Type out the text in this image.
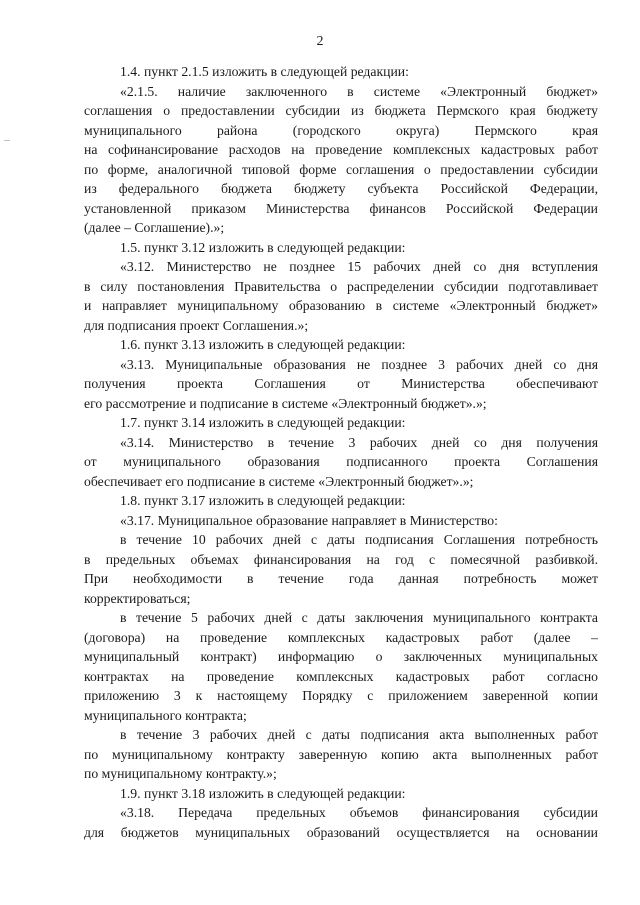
2
1.4. пункт 2.1.5 изложить в следующей редакции:
«2.1.5. наличие заключенного в системе «Электронный бюджет»
соглашения о предоставлении субсидии из бюджета Пермского края бюджету
муниципального района (городского округа) Пермского края
на софинансирование расходов на проведение комплексных кадастровых работ
по форме, аналогичной типовой форме соглашения о предоставлении субсидии
из федерального бюджета бюджету субъекта Российской Федерации,
установленной приказом Министерства финансов Российской Федерации
(далее – Соглашение).»;
1.5. пункт 3.12 изложить в следующей редакции:
«3.12. Министерство не позднее 15 рабочих дней со дня вступления
в силу постановления Правительства о распределении субсидии подготавливает
и направляет муниципальному образованию в системе «Электронный бюджет»
для подписания проект Соглашения.»;
1.6. пункт 3.13 изложить в следующей редакции:
«3.13. Муниципальные образования не позднее 3 рабочих дней со дня
получения проекта Соглашения от Министерства обеспечивают
его рассмотрение и подписание в системе «Электронный бюджет».»;
1.7. пункт 3.14 изложить в следующей редакции:
«3.14. Министерство в течение 3 рабочих дней со дня получения
от муниципального образования подписанного проекта Соглашения
обеспечивает его подписание в системе «Электронный бюджет».»;
1.8. пункт 3.17 изложить в следующей редакции:
«3.17. Муниципальное образование направляет в Министерство:
в течение 10 рабочих дней с даты подписания Соглашения потребность
в предельных объемах финансирования на год с помесячной разбивкой.
При необходимости в течение года данная потребность может
корректироваться;
в течение 5 рабочих дней с даты заключения муниципального контракта
(договора) на проведение комплексных кадастровых работ (далее –
муниципальный контракт) информацию о заключенных муниципальных
контрактах на проведение комплексных кадастровых работ согласно
приложению 3 к настоящему Порядку с приложением заверенной копии
муниципального контракта;
в течение 3 рабочих дней с даты подписания акта выполненных работ
по муниципальному контракту заверенную копию акта выполненных работ
по муниципальному контракту.»;
1.9. пункт 3.18 изложить в следующей редакции:
«3.18. Передача предельных объемов финансирования субсидии
для бюджетов муниципальных образований осуществляется на основании
